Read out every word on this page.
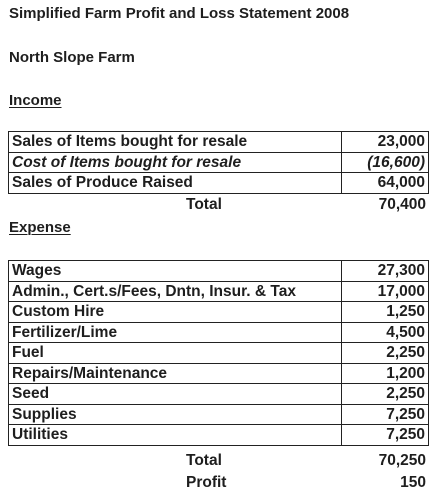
Simplified Farm Profit and Loss Statement 2008
North Slope Farm
Income
Sales of Items bought for resale	23,000
Cost of Items bought for resale	(16,600)
Sales of Produce Raised	64,000
Total	70,400
Expense
Wages	27,300
Admin., Cert.s/Fees, Dntn, Insur. & Tax	17,000
Custom Hire	1,250
Fertilizer/Lime	4,500
Fuel	2,250
Repairs/Maintenance	1,200
Seed	2,250
Supplies	7,250
Utilities	7,250
Total	70,250
Profit	150
